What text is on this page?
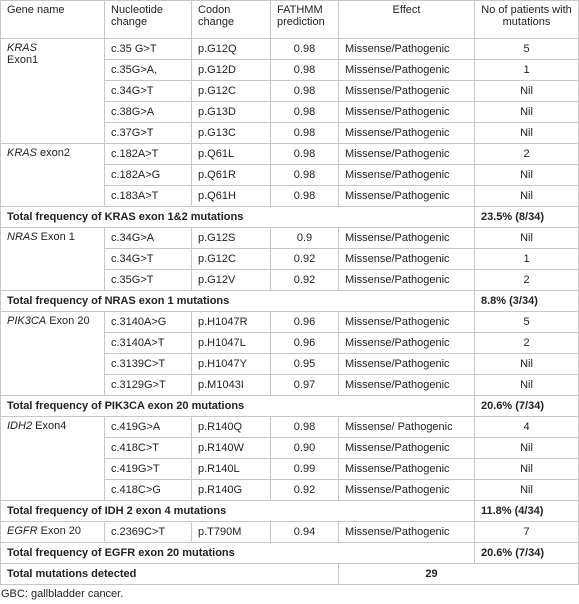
Gene name	Nucleotide change	Codon change	FATHMM prediction	Effect	No of patients with mutations
KRAS
Exon1	c.35 G>T	p.G12Q	0.98	Missense/Pathogenic	5
	c.35G>A,	p.G12D	0.98	Missense/Pathogenic	1
	c.34G>T	p.G12C	0.98	Missense/Pathogenic	Nil
	c.38G>A	p.G13D	0.98	Missense/Pathogenic	Nil
	c.37G>T	p.G13C	0.98	Missense/Pathogenic	Nil
KRAS exon2	c.182A>T	p.Q61L	0.98	Missense/Pathogenic	2
	c.182A>G	p.Q61R	0.98	Missense/Pathogenic	Nil
	c.183A>T	p.Q61H	0.98	Missense/Pathogenic	Nil
Total frequency of KRAS exon 1&2 mutations					23.5% (8/34)
NRAS Exon 1	c.34G>A	p.G12S	0.9	Missense/Pathogenic	Nil
	c.34G>T	p.G12C	0.92	Missense/Pathogenic	1
	c.35G>T	p.G12V	0.92	Missense/Pathogenic	2
Total frequency of NRAS exon 1 mutations					8.8% (3/34)
PIK3CA Exon 20	c.3140A>G	p.H1047R	0.96	Missense/Pathogenic	5
	c.3140A>T	p.H1047L	0.96	Missense/Pathogenic	2
	c.3139C>T	p.H1047Y	0.95	Missense/Pathogenic	Nil
	c.3129G>T	p.M1043I	0.97	Missense/Pathogenic	Nil
Total frequency of PIK3CA exon 20 mutations					20.6% (7/34)
IDH2 Exon4	c.419G>A	p.R140Q	0.98	Missense/ Pathogenic	4
	c.418C>T	p.R140W	0.90	Missense/Pathogenic	Nil
	c.419G>T	p.R140L	0.99	Missense/Pathogenic	Nil
	c.418C>G	p.R140G	0.92	Missense/Pathogenic	Nil
Total frequency of IDH 2 exon 4 mutations					11.8% (4/34)
EGFR Exon 20	c.2369C>T	p.T790M	0.94	Missense/Pathogenic	7
Total frequency of EGFR exon 20 mutations					20.6% (7/34)
Total mutations detected				29	
GBC: gallbladder cancer.
